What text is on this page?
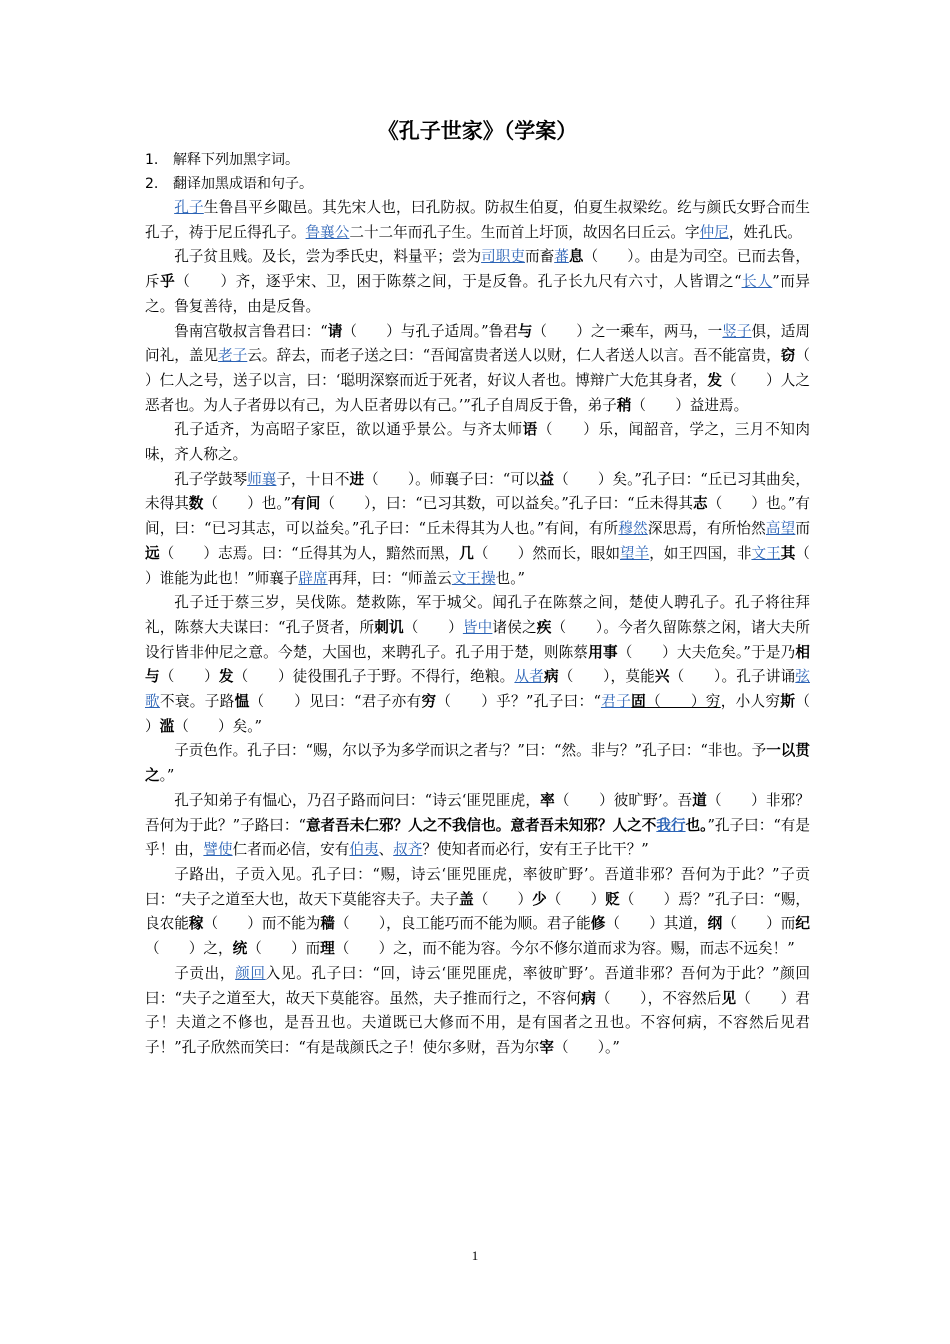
《孔子世家》（学案）

1. 解释下列加黑字词。

2. 翻译加黑成语和句子。

孔子生鲁昌平乡陬邑。其先宋人也，曰孔防叔。防叔生伯夏，伯夏生叔梁纥。纥与颜氏女野合而生孔子，祷于尼丘得孔子。鲁襄公二十二年而孔子生。生而首上圩顶，故因名曰丘云。字仲尼，姓孔氏。

孔子贫且贱。及长，尝为季氏史，料量平；尝为司职吏而畜蕃息（　　）。由是为司空。已而去鲁，斥乎（　　）齐，逐乎宋、卫，困于陈蔡之间，于是反鲁。孔子长九尺有六寸，人皆谓之“长人”而异之。鲁复善待，由是反鲁。

鲁南宫敬叔言鲁君曰：“请（　　）与孔子适周。”鲁君与（　　）之一乘车，两马，一竖子俱，适周问礼，盖见老子云。辞去，而老子送之曰：“吾闻富贵者送人以财，仁人者送人以言。吾不能富贵，窃（　　）仁人之号，送子以言，曰：‘聪明深察而近于死者，好议人者也。博辩广大危其身者，发（　　）人之恶者也。为人子者毋以有己，为人臣者毋以有己。’”孔子自周反于鲁，弟子稍（　　）益进焉。

孔子适齐，为高昭子家臣，欲以通乎景公。与齐太师语（　　）乐，闻韶音，学之，三月不知肉味，齐人称之。

孔子学鼓琴师襄子，十日不进（　　）。师襄子曰：“可以益（　　）矣。”孔子曰：“丘已习其曲矣，未得其数（　　）也。”有间（　　），曰：“已习其数，可以益矣。”孔子曰：“丘未得其志（　　）也。”有间，曰：“已习其志，可以益矣。”孔子曰：“丘未得其为人也。”有间，有所穆然深思焉，有所怡然高望而远（　　）志焉。曰：“丘得其为人，黯然而黑，几（　　）然而长，眼如望羊，如王四国，非文王其（　　）谁能为此也！”师襄子辟席再拜，曰：“师盖云文王操也。”

孔子迁于蔡三岁，吴伐陈。楚救陈，军于城父。闻孔子在陈蔡之间，楚使人聘孔子。孔子将往拜礼，陈蔡大夫谋曰：“孔子贤者，所刺讥（　　）皆中诸侯之疾（　　）。今者久留陈蔡之闲，诸大夫所设行皆非仲尼之意。今楚，大国也，来聘孔子。孔子用于楚，则陈蔡用事（　　）大夫危矣。”于是乃相与（　　）发（　　）徒役围孔子于野。不得行，绝粮。从者病（　　），莫能兴（　　）。孔子讲诵弦歌不衰。子路愠（　　）见曰：“君子亦有穷（　　）乎？”孔子曰：“君子固（　　）穷，小人穷斯（　　）滥（　　）矣。”

子贡色作。孔子曰：“赐，尔以予为多学而识之者与？”曰：“然。非与？”孔子曰：“非也。予一以贯之。”

孔子知弟子有愠心，乃召子路而问曰：“诗云‘匪兕匪虎，率（　　）彼旷野’。吾道（　　）非邪？吾何为于此？”子路曰：“意者吾未仁邪？人之不我信也。意者吾未知邪？人之不我行也。”孔子曰：“有是乎！由，譬使仁者而必信，安有伯夷、叔齐？使知者而必行，安有王子比干？”

子路出，子贡入见。孔子曰：“赐，诗云‘匪兕匪虎，率彼旷野’。吾道非邪？吾何为于此？”子贡曰：“夫子之道至大也，故天下莫能容夫子。夫子盖（　　）少（　　）贬（　　）焉？”孔子曰：“赐，良农能稼（　　）而不能为穑（　　），良工能巧而不能为顺。君子能修（　　）其道，纲（　　）而纪（　　）之，统（　　）而理（　　）之，而不能为容。今尔不修尔道而求为容。赐，而志不远矣！”

子贡出，颜回入见。孔子曰：“回，诗云‘匪兕匪虎，率彼旷野’。吾道非邪？吾何为于此？”颜回曰：“夫子之道至大，故天下莫能容。虽然，夫子推而行之，不容何病（　　），不容然后见（　　）君子！夫道之不修也，是吾丑也。夫道既已大修而不用，是有国者之丑也。不容何病，不容然后见君子！”孔子欣然而笑曰：“有是哉颜氏之子！使尔多财，吾为尔宰（　　）。”

1
